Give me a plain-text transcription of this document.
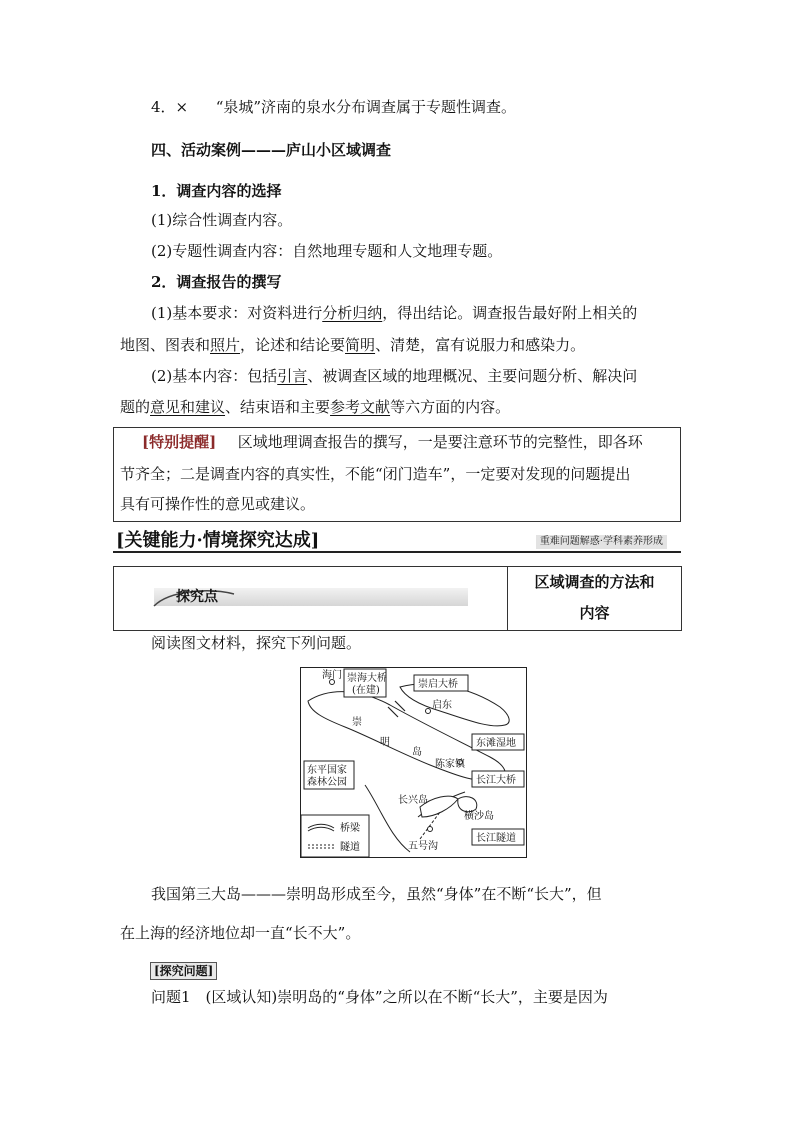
4．× “泉城”济南的泉水分布调查属于专题性调查。
四、活动案例———庐山小区域调查
1．调查内容的选择
(1)综合性调查内容。
(2)专题性调查内容：自然地理专题和人文地理专题。
2．调查报告的撰写
(1)基本要求：对资料进行分析归纳，得出结论。调查报告最好附上相关的
地图、图表和照片，论述和结论要简明、清楚，富有说服力和感染力。
(2)基本内容：包括引言、被调查区域的地理概况、主要问题分析、解决问
题的意见和建议、结束语和主要参考文献等六方面的内容。
[特别提醒] 区域地理调查报告的撰写，一是要注意环节的完整性，即各环
节齐全；二是调查内容的真实性，不能“闭门造车”，一定要对发现的问题提出
具有可操作性的意见或建议。
[关键能力·情境探究达成]	重难问题解惑·学科素养形成
探究点
区域调查的方法和
内容
阅读图文材料，探究下列问题。
海门 崇海大桥
(在建)
崇启大桥
启东
崇
明
岛
东滩湿地
陈家镇
东平国家
森林公园
长兴岛
长江大桥
横沙岛
长江隧道
五号沟
桥梁
隧道
我国第三大岛———崇明岛形成至今，虽然“身体”在不断“长大”，但
在上海的经济地位却一直“长不大”。
[探究问题]
问题1　(区域认知)崇明岛的“身体”之所以在不断“长大”，主要是因为
